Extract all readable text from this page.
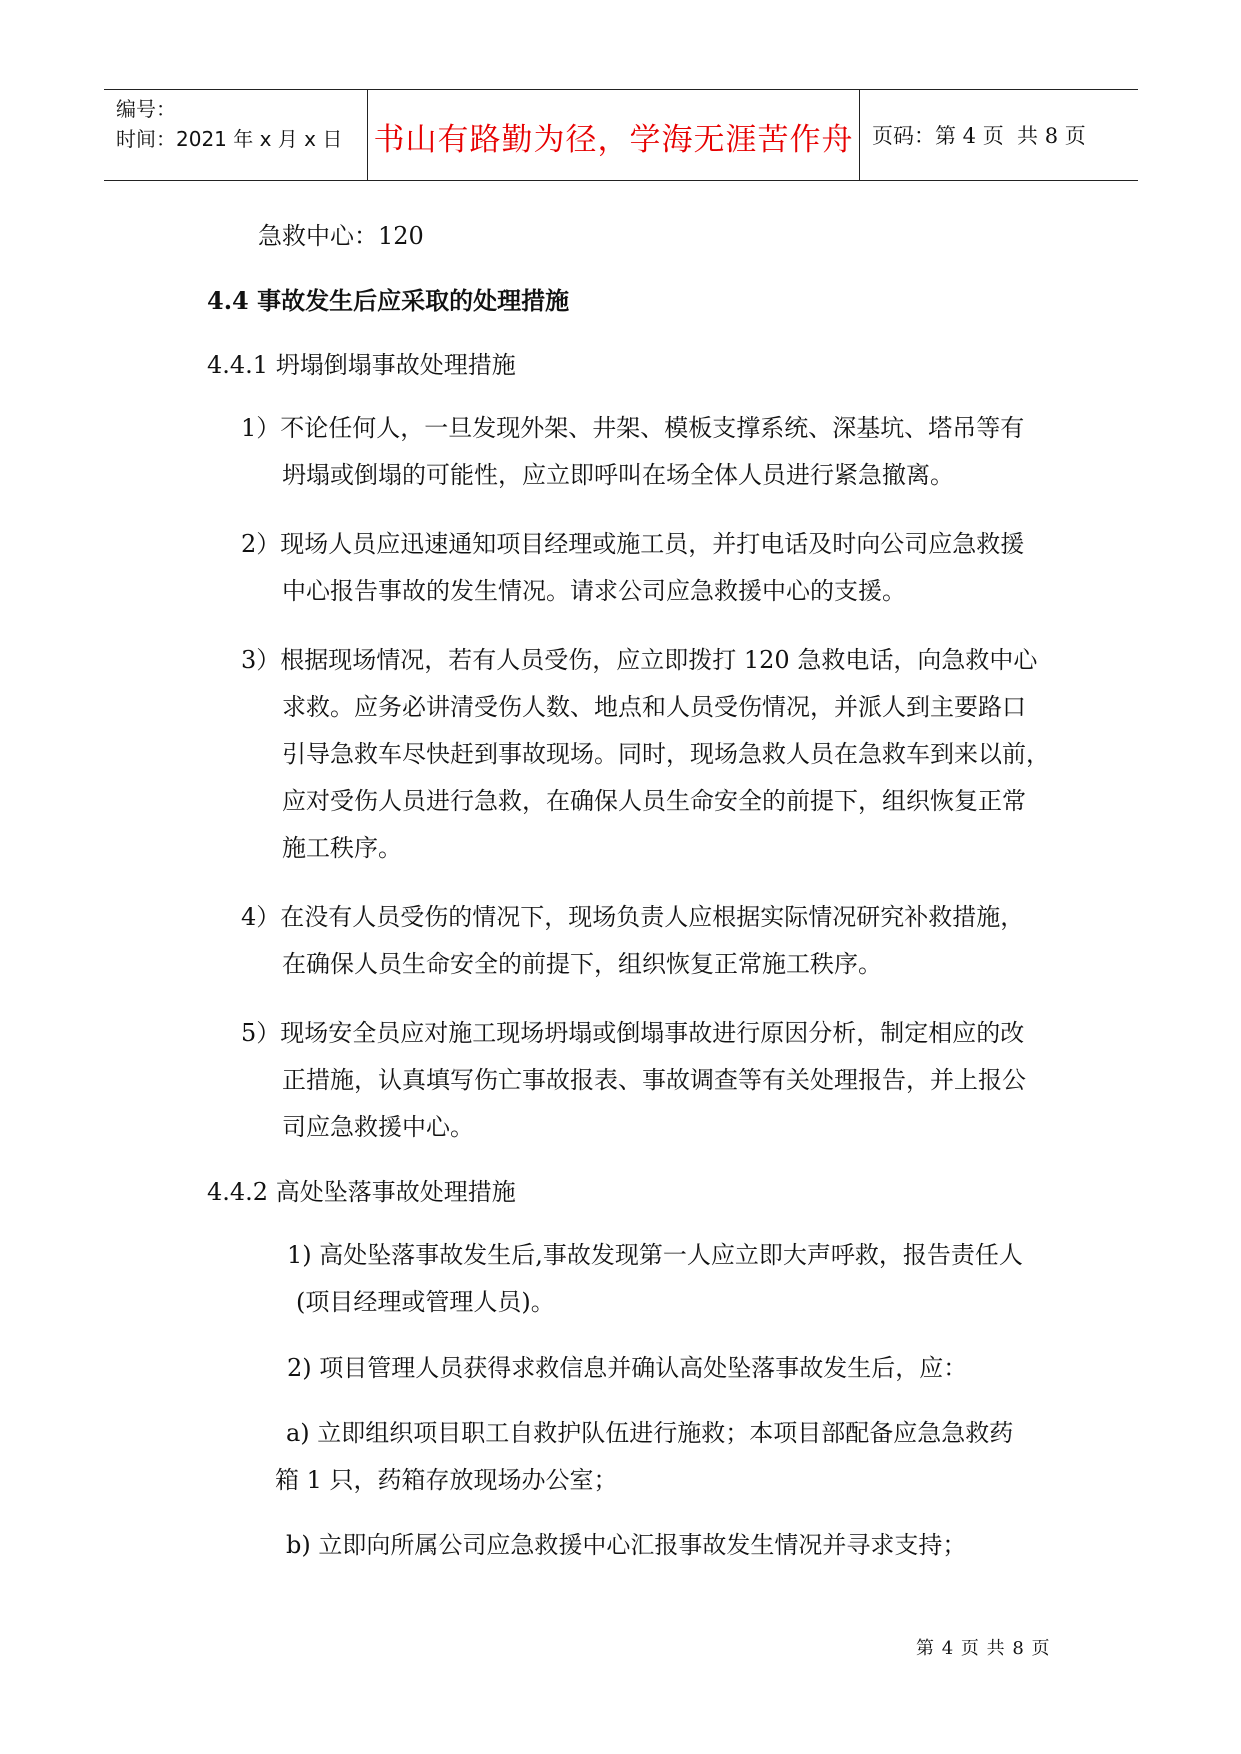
编号：
时间：2021 年 x 月 x 日	书山有路勤为径，学海无涯苦作舟 页码：第 4 页  共 8 页
急救中心：120
4.4 事故发生后应采取的处理措施
4.4.1 坍塌倒塌事故处理措施
1）不论任何人，一旦发现外架、井架、模板支撑系统、深基坑、塔吊等有
坍塌或倒塌的可能性，应立即呼叫在场全体人员进行紧急撤离。
2）现场人员应迅速通知项目经理或施工员，并打电话及时向公司应急救援
中心报告事故的发生情况。请求公司应急救援中心的支援。
3）根据现场情况，若有人员受伤，应立即拨打 120 急救电话，向急救中心
求救。应务必讲清受伤人数、地点和人员受伤情况，并派人到主要路口
引导急救车尽快赶到事故现场。同时，现场急救人员在急救车到来以前，
应对受伤人员进行急救，在确保人员生命安全的前提下，组织恢复正常
施工秩序。
4）在没有人员受伤的情况下，现场负责人应根据实际情况研究补救措施，
在确保人员生命安全的前提下，组织恢复正常施工秩序。
5）现场安全员应对施工现场坍塌或倒塌事故进行原因分析，制定相应的改
正措施，认真填写伤亡事故报表、事故调查等有关处理报告，并上报公
司应急救援中心。
4.4.2 高处坠落事故处理措施
1) 高处坠落事故发生后,事故发现第一人应立即大声呼救，报告责任人
(项目经理或管理人员)。
2) 项目管理人员获得求救信息并确认高处坠落事故发生后，应：
a) 立即组织项目职工自救护队伍进行施救；本项目部配备应急急救药
箱 1 只，药箱存放现场办公室；
b) 立即向所属公司应急救援中心汇报事故发生情况并寻求支持；
第 4 页 共 8 页
